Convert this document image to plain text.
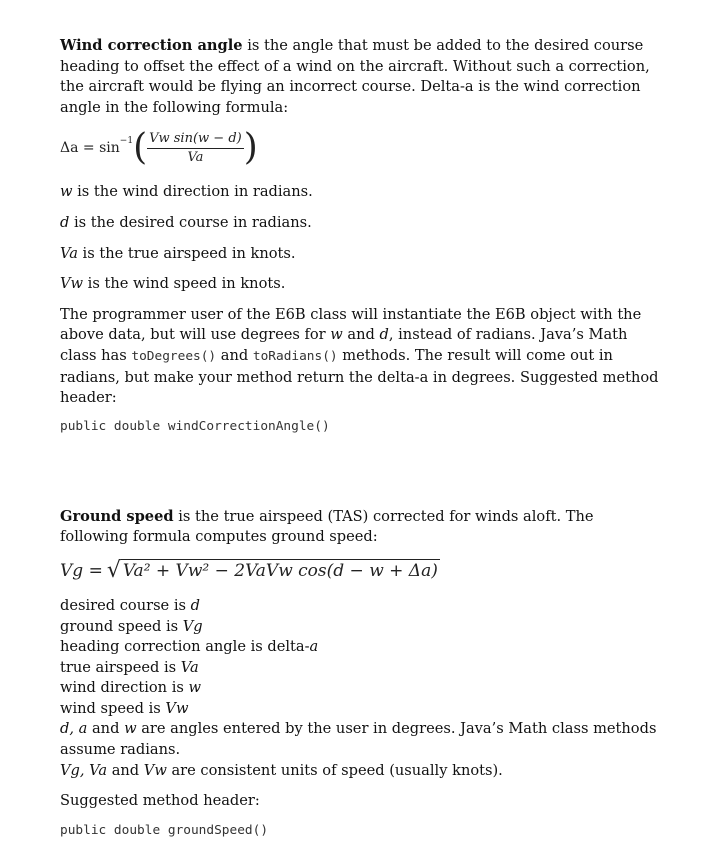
Wind correction angle is the angle that must be added to the desired course heading to offset the effect of a wind on the aircraft. Without such a correction, the aircraft would be flying an incorrect course. Delta-a is the wind correction angle in the following formula:

Δa = sin −1 ( $\frac{\text{Vw sin(w − d)}}{Va}$ )

w is the wind direction in radians.

d is the desired course in radians.

Va is the true airspeed in knots.

Vw is the wind speed in knots.

The programmer user of the E6B class will instantiate the E6B object with the above data, but will use degrees for w and d, instead of radians. Java’s Math class has toDegrees() and toRadians() methods. The result will come out in radians, but make your method return the delta-a in degrees. Suggested method header:

public double windCorrectionAngle()

Ground speed is the true airspeed (TAS) corrected for winds aloft. The following formula computes ground speed:

Vg = √ Va² + Vw² − 2VaVw cos(d − w + Δa)
desired course is d
ground speed is Vg
heading correction angle is delta-a
true airspeed is Va
wind direction is w
wind speed is Vw
d, a and w are angles entered by the user in degrees. Java’s Math class methods assume radians.
Vg, Va and Vw are consistent units of speed (usually knots).

Suggested method header:

public double groundSpeed()
